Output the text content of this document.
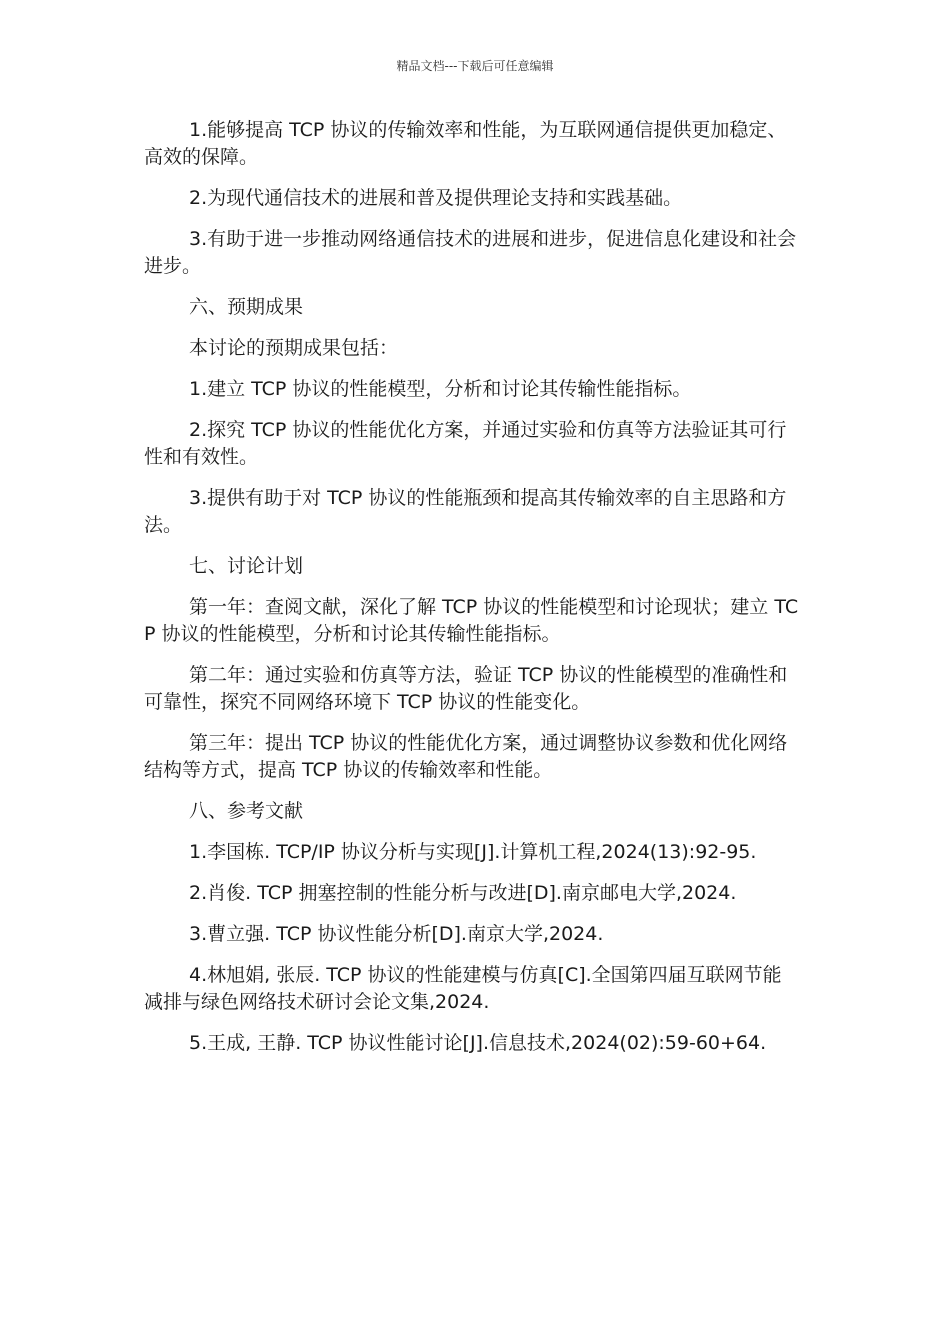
精品文档---下载后可任意编辑

1.能够提高 TCP 协议的传输效率和性能，为互联网通信提供更加稳定、高效的保障。

2.为现代通信技术的进展和普及提供理论支持和实践基础。

3.有助于进一步推动网络通信技术的进展和进步，促进信息化建设和社会进步。

六、预期成果

本讨论的预期成果包括：

1.建立 TCP 协议的性能模型，分析和讨论其传输性能指标。

2.探究 TCP 协议的性能优化方案，并通过实验和仿真等方法验证其可行性和有效性。

3.提供有助于对 TCP 协议的性能瓶颈和提高其传输效率的自主思路和方法。

七、讨论计划

第一年：查阅文献，深化了解 TCP 协议的性能模型和讨论现状；建立 TCP 协议的性能模型，分析和讨论其传输性能指标。

第二年：通过实验和仿真等方法，验证 TCP 协议的性能模型的准确性和可靠性，探究不同网络环境下 TCP 协议的性能变化。

第三年：提出 TCP 协议的性能优化方案，通过调整协议参数和优化网络结构等方式，提高 TCP 协议的传输效率和性能。

八、参考文献

1.李国栋. TCP/IP 协议分析与实现[J].计算机工程,2024(13):92-95.

2.肖俊. TCP 拥塞控制的性能分析与改进[D].南京邮电大学,2024.

3.曹立强. TCP 协议性能分析[D].南京大学,2024.

4.林旭娟, 张辰. TCP 协议的性能建模与仿真[C].全国第四届互联网节能减排与绿色网络技术研讨会论文集,2024.

5.王成, 王静. TCP 协议性能讨论[J].信息技术,2024(02):59-60+64.
